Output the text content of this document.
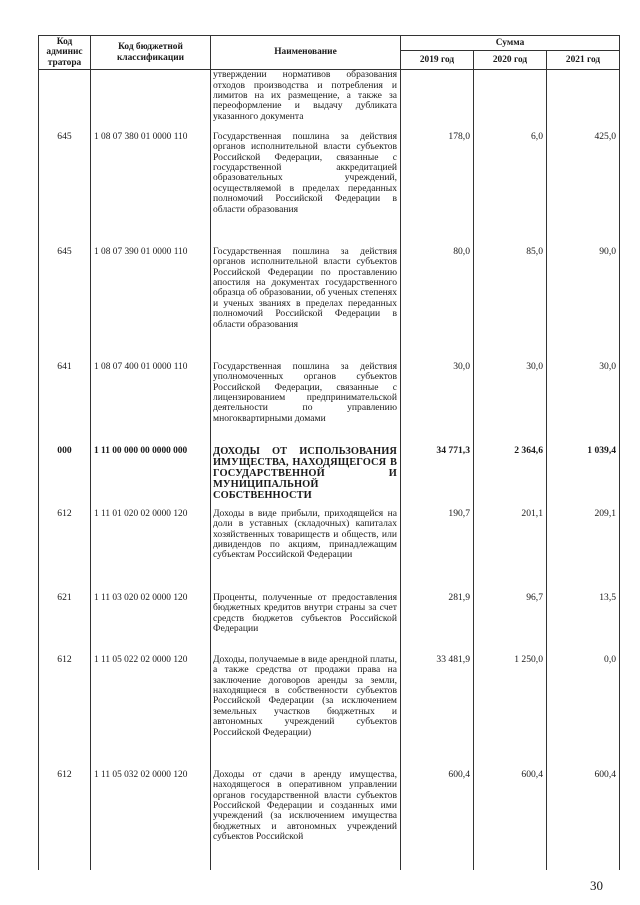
Код админис тратора	Код бюджетной классификации	Наименование	Сумма		
			2019 год	2020 год	2021 год
		утверждении нормативов образования отходов производства и потребления и лимитов на их размещение, а также за переоформление и выдачу дубликата указанного документа			
645	1 08 07 380 01 0000 110	Государственная пошлина за действия органов исполнительной власти субъектов Российской Федерации, связанные с государственной аккредитацией образовательных учреждений, осуществляемой в пределах переданных полномочий Российской Федерации в области образования	178,0	6,0	425,0
645	1 08 07 390 01 0000 110	Государственная пошлина за действия органов исполнительной власти субъектов Российской Федерации по проставлению апостиля на документах государственного образца об образовании, об ученых степенях и ученых званиях в пределах переданных полномочий Российской Федерации в области образования	80,0	85,0	90,0
641	1 08 07 400 01 0000 110	Государственная пошлина за действия уполномоченных органов субъектов Российской Федерации, связанные с лицензированием предпринимательской деятельности по управлению многоквартирными домами	30,0	30,0	30,0
000	1 11 00 000 00 0000 000	ДОХОДЫ ОТ ИСПОЛЬЗОВАНИЯ ИМУЩЕСТВА, НАХОДЯЩЕГОСЯ В ГОСУДАРСТВЕННОЙ И МУНИЦИПАЛЬНОЙ СОБСТВЕННОСТИ	34 771,3	2 364,6	1 039,4
612	1 11 01 020 02 0000 120	Доходы в виде прибыли, приходящейся на доли в уставных (складочных) капиталах хозяйственных товариществ и обществ, или дивидендов по акциям, принадлежащим субъектам Российской Федерации	190,7	201,1	209,1
621	1 11 03 020 02 0000 120	Проценты, полученные от предоставления бюджетных кредитов внутри страны за счет средств бюджетов субъектов Российской Федерации	281,9	96,7	13,5
612	1 11 05 022 02 0000 120	Доходы, получаемые в виде арендной платы, а также средства от продажи права на заключение договоров аренды за земли, находящиеся в собственности субъектов Российской Федерации (за исключением земельных участков бюджетных и автономных учреждений субъектов Российской Федерации)	33 481,9	1 250,0	0,0
612	1 11 05 032 02 0000 120	Доходы от сдачи в аренду имущества, находящегося в оперативном управлении органов государственной власти субъектов Российской Федерации и созданных ими учреждений (за исключением имущества бюджетных и автономных учреждений субъектов Российской	600,4	600,4	600,4
30
